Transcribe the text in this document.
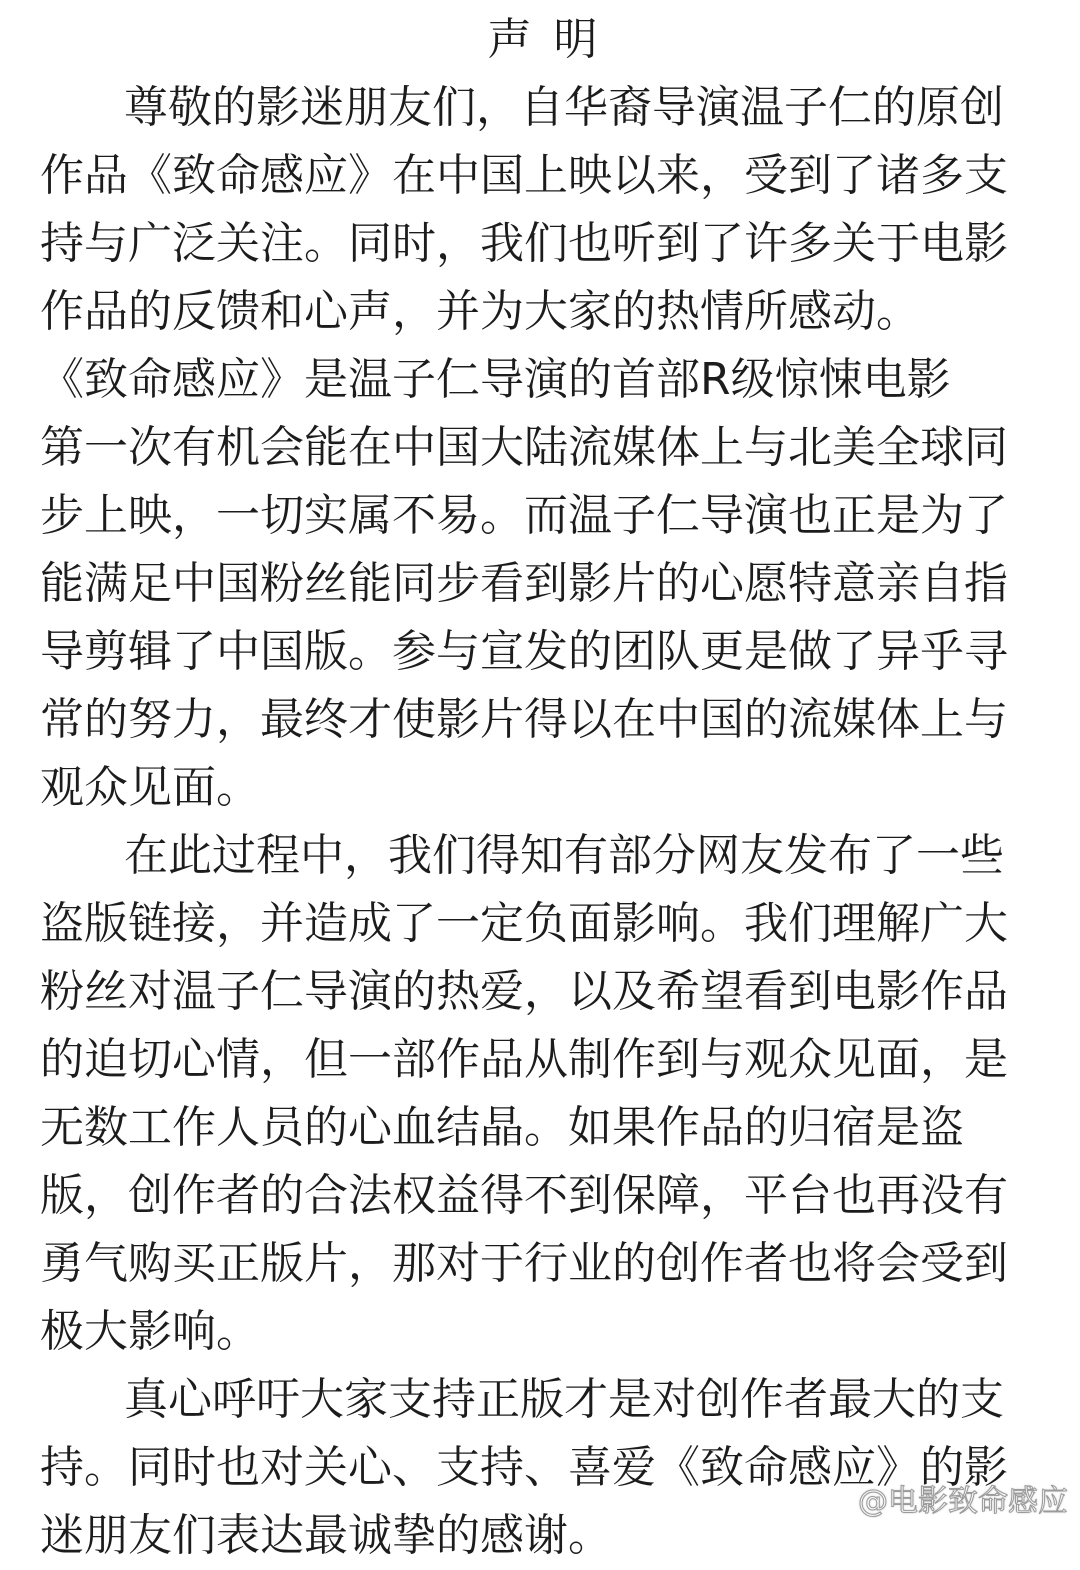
声明

尊敬的影迷朋友们，自华裔导演温子仁的原创
作品《致命感应》在中国上映以来，受到了诸多支
持与广泛关注。同时，我们也听到了许多关于电影
作品的反馈和心声，并为大家的热情所感动。

《致命感应》是温子仁导演的首部R级惊悚电影
第一次有机会能在中国大陆流媒体上与北美全球同
步上映，一切实属不易。而温子仁导演也正是为了
能满足中国粉丝能同步看到影片的心愿特意亲自指
导剪辑了中国版。参与宣发的团队更是做了异乎寻
常的努力，最终才使影片得以在中国的流媒体上与
观众见面。

在此过程中，我们得知有部分网友发布了一些
盗版链接，并造成了一定负面影响。我们理解广大
粉丝对温子仁导演的热爱，以及希望看到电影作品
的迫切心情，但一部作品从制作到与观众见面，是
无数工作人员的心血结晶。如果作品的归宿是盗
版，创作者的合法权益得不到保障，平台也再没有
勇气购买正版片，那对于行业的创作者也将会受到
极大影响。

真心呼吁大家支持正版才是对创作者最大的支
持。同时也对关心、支持、喜爱《致命感应》的影
迷朋友们表达最诚挚的感谢。

@电影致命感应
